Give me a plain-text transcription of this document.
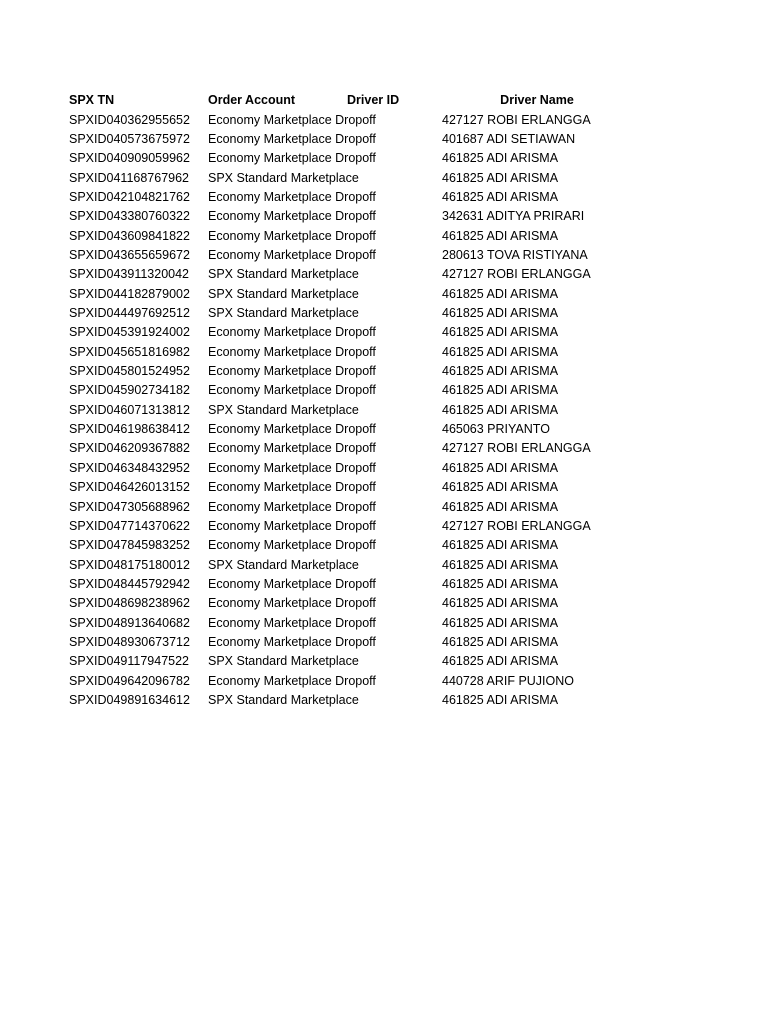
SPX TN	Order Account	Driver ID	Driver Name
SPXID040362955652	Economy Marketplace Dropoff	427127 ROBI ERLANGGA
SPXID040573675972	Economy Marketplace Dropoff	401687 ADI SETIAWAN
SPXID040909059962	Economy Marketplace Dropoff	461825 ADI ARISMA
SPXID041168767962	SPX Standard Marketplace	461825 ADI ARISMA
SPXID042104821762	Economy Marketplace Dropoff	461825 ADI ARISMA
SPXID043380760322	Economy Marketplace Dropoff	342631 ADITYA PRIRARI
SPXID043609841822	Economy Marketplace Dropoff	461825 ADI ARISMA
SPXID043655659672	Economy Marketplace Dropoff	280613 TOVA RISTIYANA
SPXID043911320042	SPX Standard Marketplace	427127 ROBI ERLANGGA
SPXID044182879002	SPX Standard Marketplace	461825 ADI ARISMA
SPXID044497692512	SPX Standard Marketplace	461825 ADI ARISMA
SPXID045391924002	Economy Marketplace Dropoff	461825 ADI ARISMA
SPXID045651816982	Economy Marketplace Dropoff	461825 ADI ARISMA
SPXID045801524952	Economy Marketplace Dropoff	461825 ADI ARISMA
SPXID045902734182	Economy Marketplace Dropoff	461825 ADI ARISMA
SPXID046071313812	SPX Standard Marketplace	461825 ADI ARISMA
SPXID046198638412	Economy Marketplace Dropoff	465063 PRIYANTO
SPXID046209367882	Economy Marketplace Dropoff	427127 ROBI ERLANGGA
SPXID046348432952	Economy Marketplace Dropoff	461825 ADI ARISMA
SPXID046426013152	Economy Marketplace Dropoff	461825 ADI ARISMA
SPXID047305688962	Economy Marketplace Dropoff	461825 ADI ARISMA
SPXID047714370622	Economy Marketplace Dropoff	427127 ROBI ERLANGGA
SPXID047845983252	Economy Marketplace Dropoff	461825 ADI ARISMA
SPXID048175180012	SPX Standard Marketplace	461825 ADI ARISMA
SPXID048445792942	Economy Marketplace Dropoff	461825 ADI ARISMA
SPXID048698238962	Economy Marketplace Dropoff	461825 ADI ARISMA
SPXID048913640682	Economy Marketplace Dropoff	461825 ADI ARISMA
SPXID048930673712	Economy Marketplace Dropoff	461825 ADI ARISMA
SPXID049117947522	SPX Standard Marketplace	461825 ADI ARISMA
SPXID049642096782	Economy Marketplace Dropoff	440728 ARIF PUJIONO
SPXID049891634612	SPX Standard Marketplace	461825 ADI ARISMA
